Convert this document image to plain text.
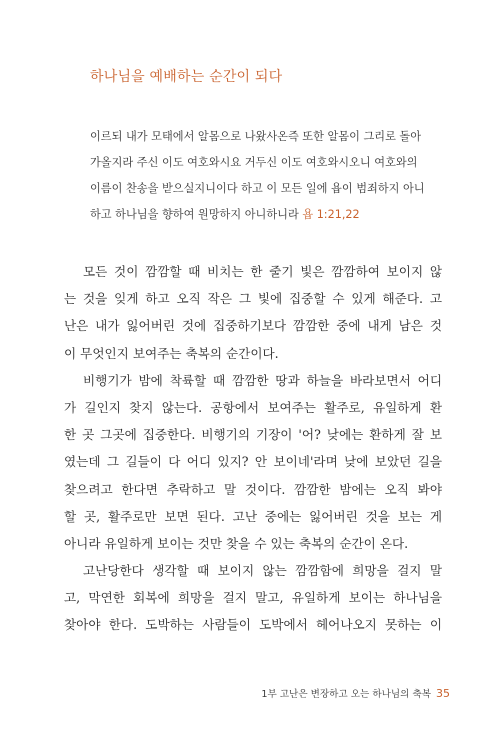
하나님을 예배하는 순간이 되다
이르되 내가 모태에서 알몸으로 나왔사온즉 또한 알몸이 그리로 돌아
가올지라 주신 이도 여호와시요 거두신 이도 여호와시오니 여호와의
이름이 찬송을 받으실지니이다 하고 이 모든 일에 욥이 범죄하지 아니
하고 하나님을 향하여 원망하지 아니하니라 욥 1:21,22
모든 것이 깜깜할 때 비치는 한 줄기 빛은 깜깜하여 보이지 않
는 것을 잊게 하고 오직 작은 그 빛에 집중할 수 있게 해준다. 고
난은 내가 잃어버린 것에 집중하기보다 깜깜한 중에 내게 남은 것
이 무엇인지 보여주는 축복의 순간이다.
비행기가 밤에 착륙할 때 깜깜한 땅과 하늘을 바라보면서 어디
가 길인지 찾지 않는다. 공항에서 보여주는 활주로, 유일하게 환
한 곳 그곳에 집중한다. 비행기의 기장이 '어? 낮에는 환하게 잘 보
였는데 그 길들이 다 어디 있지? 안 보이네'라며 낮에 보았던 길을
찾으려고 한다면 추락하고 말 것이다. 깜깜한 밤에는 오직 봐야
할 곳, 활주로만 보면 된다. 고난 중에는 잃어버린 것을 보는 게
아니라 유일하게 보이는 것만 찾을 수 있는 축복의 순간이 온다.
고난당한다 생각할 때 보이지 않는 깜깜함에 희망을 걸지 말
고, 막연한 회복에 희망을 걸지 말고, 유일하게 보이는 하나님을
찾아야 한다. 도박하는 사람들이 도박에서 헤어나오지 못하는 이
1부 고난은 변장하고 오는 하나님의 축복 35
